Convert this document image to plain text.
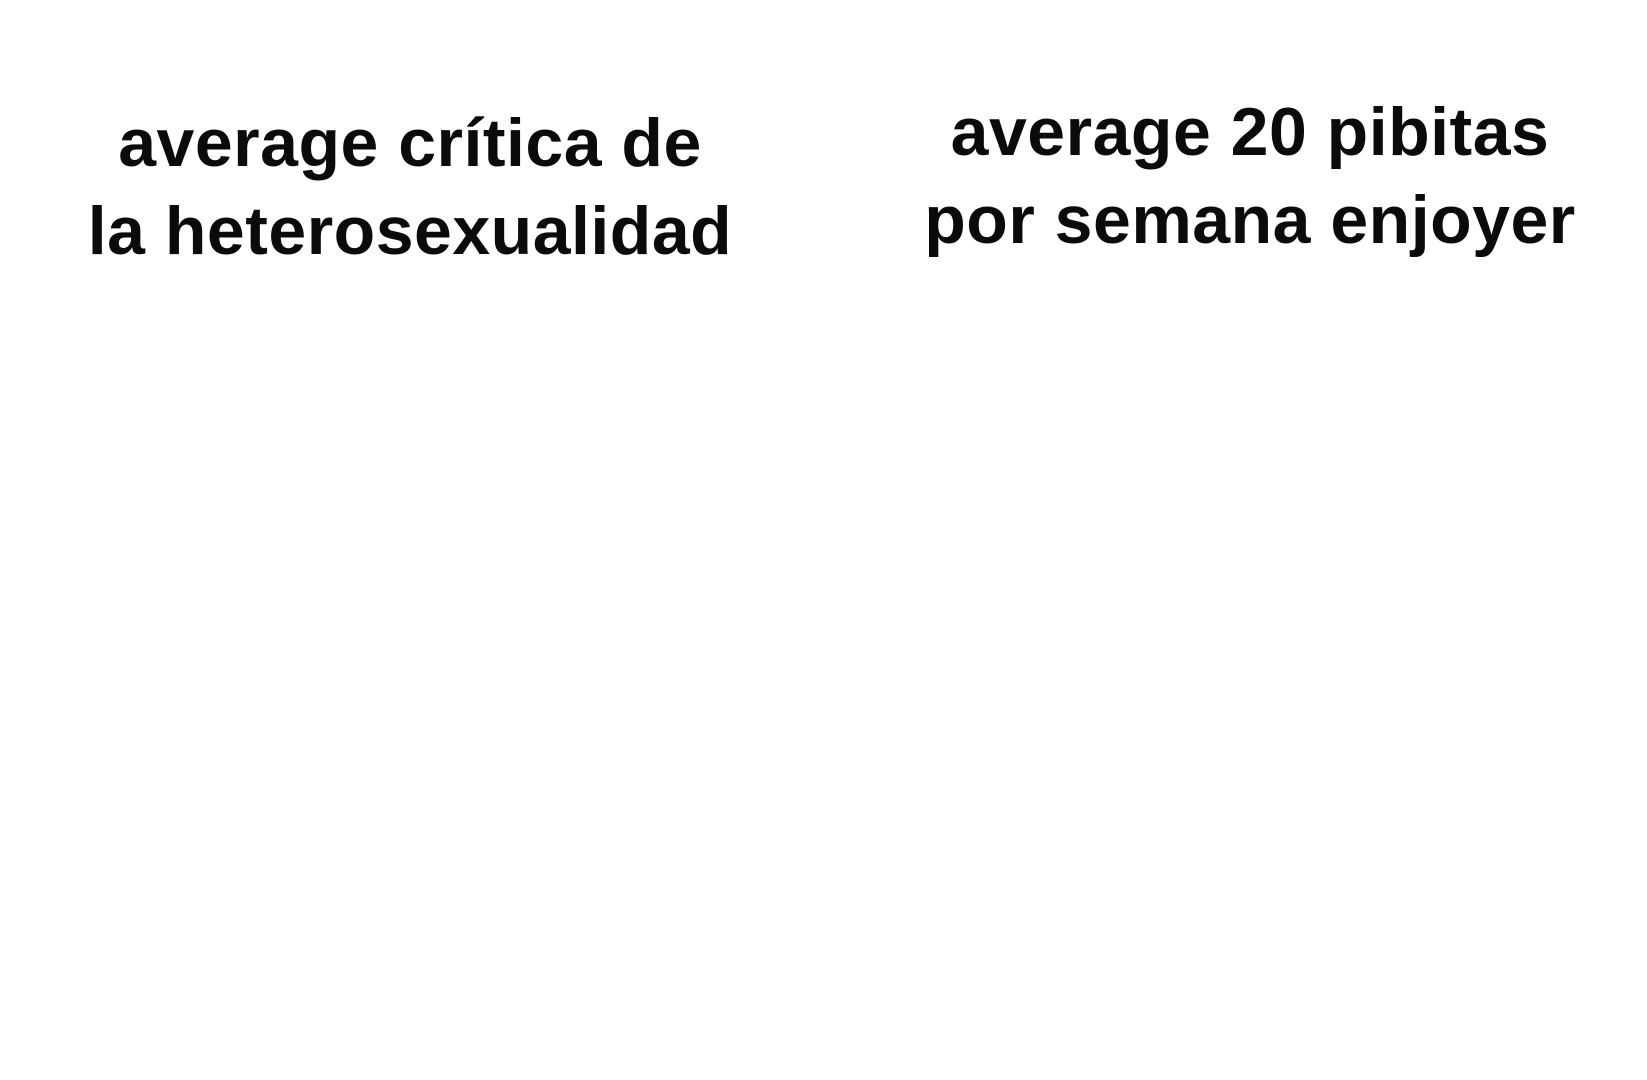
average crítica de
la heterosexualidad
average 20 pibitas
por semana enjoyer
